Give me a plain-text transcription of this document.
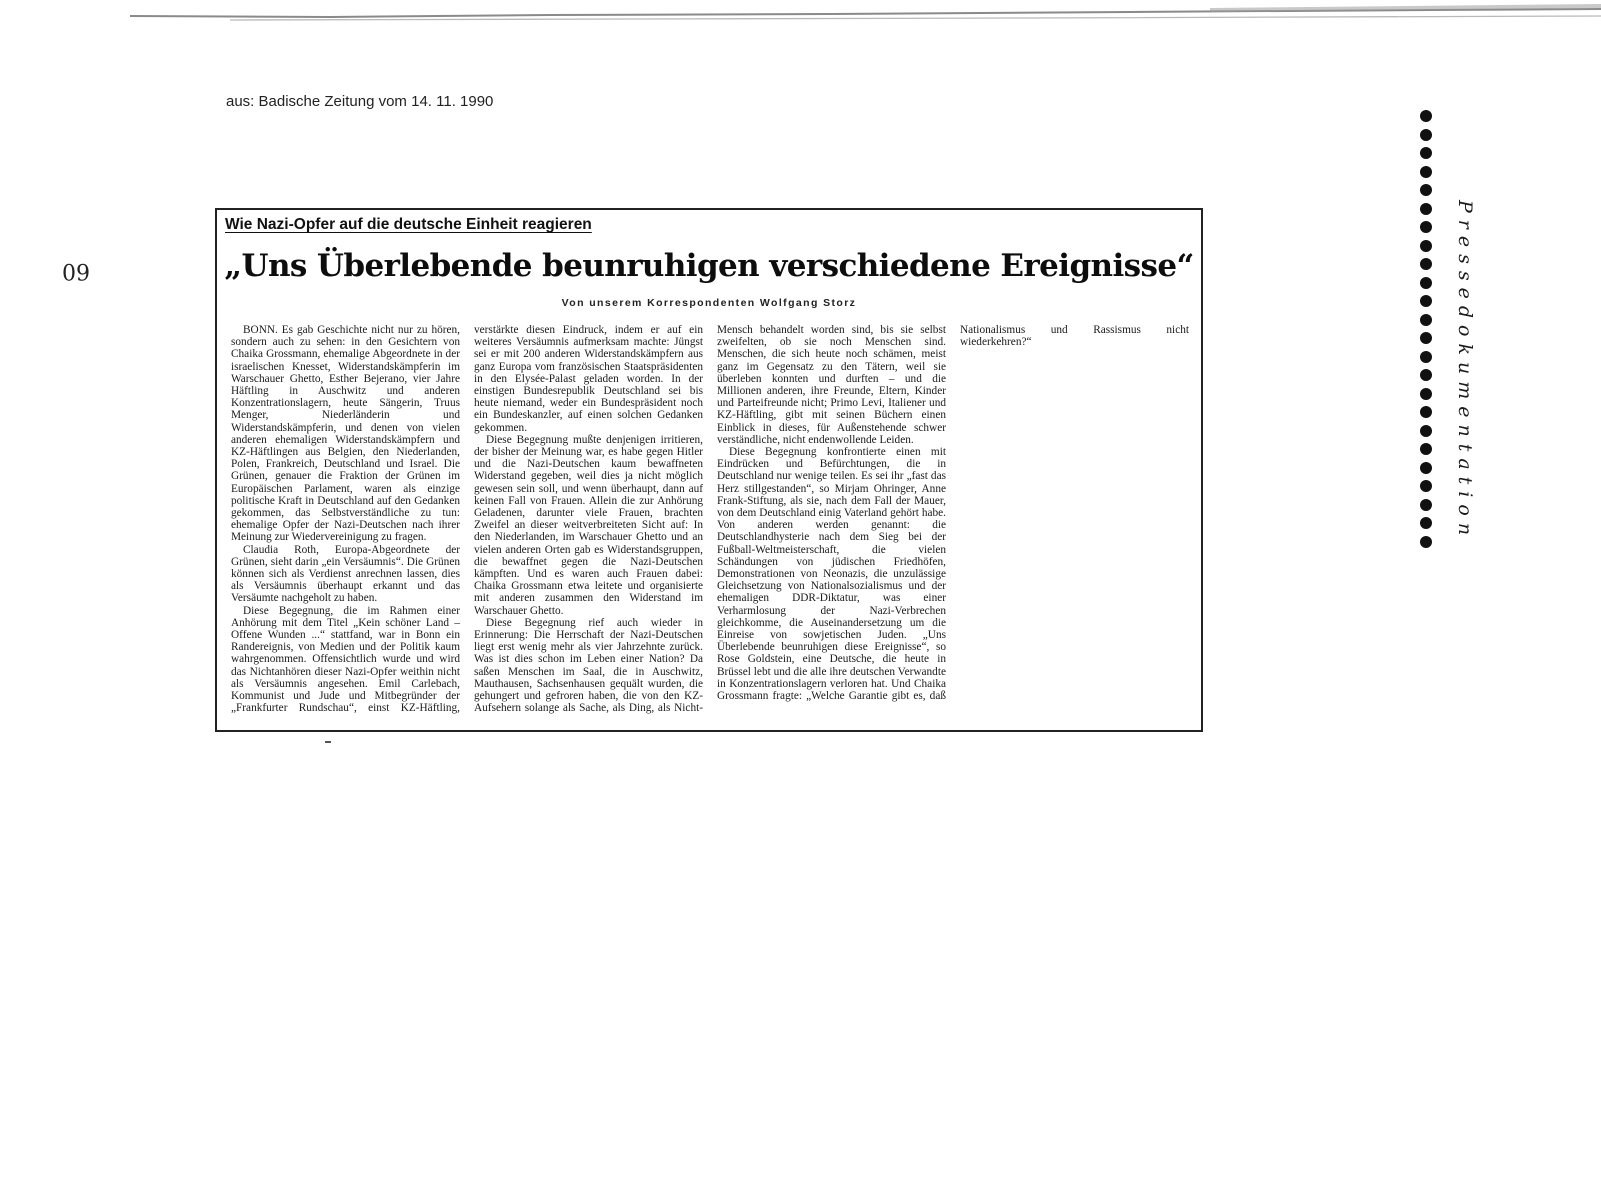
aus: Badische Zeitung vom 14. 11. 1990
60	Pressedokumentation
Wie Nazi-Opfer auf die deutsche Einheit reagieren
„Uns Überlebende beunruhigen verschiedene Ereignisse“
Von unserem Korrespondenten Wolfgang Storz

BONN. Es gab Geschichte nicht nur zu hören, sondern auch zu sehen: in den Gesichtern von Chaika Grossmann, ehemalige Abgeordnete in der israelischen Knesset, Widerstandskämpferin im Warschauer Ghetto, Esther Bejerano, vier Jahre Häftling in Auschwitz und anderen Konzentrationslagern, heute Sängerin, Truus Menger, Niederländerin und Widerstandskämpferin, und denen von vielen anderen ehemaligen Widerstandskämpfern und KZ-Häftlingen aus Belgien, den Niederlanden, Polen, Frankreich, Deutschland und Israel. Die Grünen, genauer die Fraktion der Grünen im Europäischen Parlament, waren als einzige politische Kraft in Deutschland auf den Gedanken gekommen, das Selbstverständliche zu tun: ehemalige Opfer der Nazi-Deutschen nach ihrer Meinung zur Wiedervereinigung zu fragen.

Claudia Roth, Europa-Abgeordnete der Grünen, sieht darin „ein Versäumnis“. Die Grünen können sich als Verdienst anrechnen lassen, dies als Versäumnis überhaupt erkannt und das Versäumte nachgeholt zu haben.

Diese Begegnung, die im Rahmen einer Anhörung mit dem Titel „Kein schöner Land – Offene Wunden ...“ stattfand, war in Bonn ein Randereignis, von Medien und der Politik kaum wahrgenommen. Offensichtlich wurde und wird das Nichtanhören dieser Nazi-Opfer weithin nicht als Versäumnis angesehen. Emil Carlebach, Kommunist und Jude und Mitbegründer der „Frankfurter Rundschau“, einst KZ-Häftling, verstärkte diesen Eindruck, indem er auf ein weiteres Versäumnis aufmerksam machte: Jüngst sei er mit 200 anderen Widerstandskämpfern aus ganz Europa vom französischen Staatspräsidenten in den Elysée-Palast geladen worden. In der einstigen Bundesrepublik Deutschland sei bis heute niemand, weder ein Bundespräsident noch ein Bundeskanzler, auf einen solchen Gedanken gekommen.

Diese Begegnung mußte denjenigen irritieren, der bisher der Meinung war, es habe gegen Hitler und die Nazi-Deutschen kaum bewaffneten Widerstand gegeben, weil dies ja nicht möglich gewesen sein soll, und wenn überhaupt, dann auf keinen Fall von Frauen. Allein die zur Anhörung Geladenen, darunter viele Frauen, brachten Zweifel an dieser weitverbreiteten Sicht auf: In den Niederlanden, im Warschauer Ghetto und an vielen anderen Orten gab es Widerstandsgruppen, die bewaffnet gegen die Nazi-Deutschen kämpften. Und es waren auch Frauen dabei: Chaika Grossmann etwa leitete und organisierte mit anderen zusammen den Widerstand im Warschauer Ghetto.

Diese Begegnung rief auch wieder in Erinnerung: Die Herrschaft der Nazi-Deutschen liegt erst wenig mehr als vier Jahrzehnte zurück. Was ist dies schon im Leben einer Nation? Da saßen Menschen im Saal, die in Auschwitz, Mauthausen, Sachsenhausen gequält wurden, die gehungert und gefroren haben, die von den KZ-Aufsehern solange als Sache, als Ding, als Nicht-Mensch behandelt worden sind, bis sie selbst zweifelten, ob sie noch Menschen sind. Menschen, die sich heute noch schämen, meist ganz im Gegensatz zu den Tätern, weil sie überleben konnten und durften – und die Millionen anderen, ihre Freunde, Eltern, Kinder und Parteifreunde nicht; Primo Levi, Italiener und KZ-Häftling, gibt mit seinen Büchern einen Einblick in dieses, für Außenstehende schwer verständliche, nicht endenwollende Leiden.

Diese Begegnung konfrontierte einen mit Eindrücken und Befürchtungen, die in Deutschland nur wenige teilen. Es sei ihr „fast das Herz stillgestanden“, so Mirjam Ohringer, Anne Frank-Stiftung, als sie, nach dem Fall der Mauer, von dem Deutschland einig Vaterland gehört habe. Von anderen werden genannt: die Deutschlandhysterie nach dem Sieg bei der Fußball-Weltmeisterschaft, die vielen Schändungen von jüdischen Friedhöfen, Demonstrationen von Neonazis, die unzulässige Gleichsetzung von Nationalsozialismus und der ehemaligen DDR-Diktatur, was einer Verharmlosung der Nazi-Verbrechen gleichkomme, die Auseinandersetzung um die Einreise von sowjetischen Juden. „Uns Überlebende beunruhigen diese Ereignisse“, so Rose Goldstein, eine Deutsche, die heute in Brüssel lebt und die alle ihre deutschen Verwandte in Konzentrationslagern verloren hat. Und Chaika Grossmann fragte: „Welche Garantie gibt es, daß Nationalismus und Rassismus nicht wiederkehren?“
